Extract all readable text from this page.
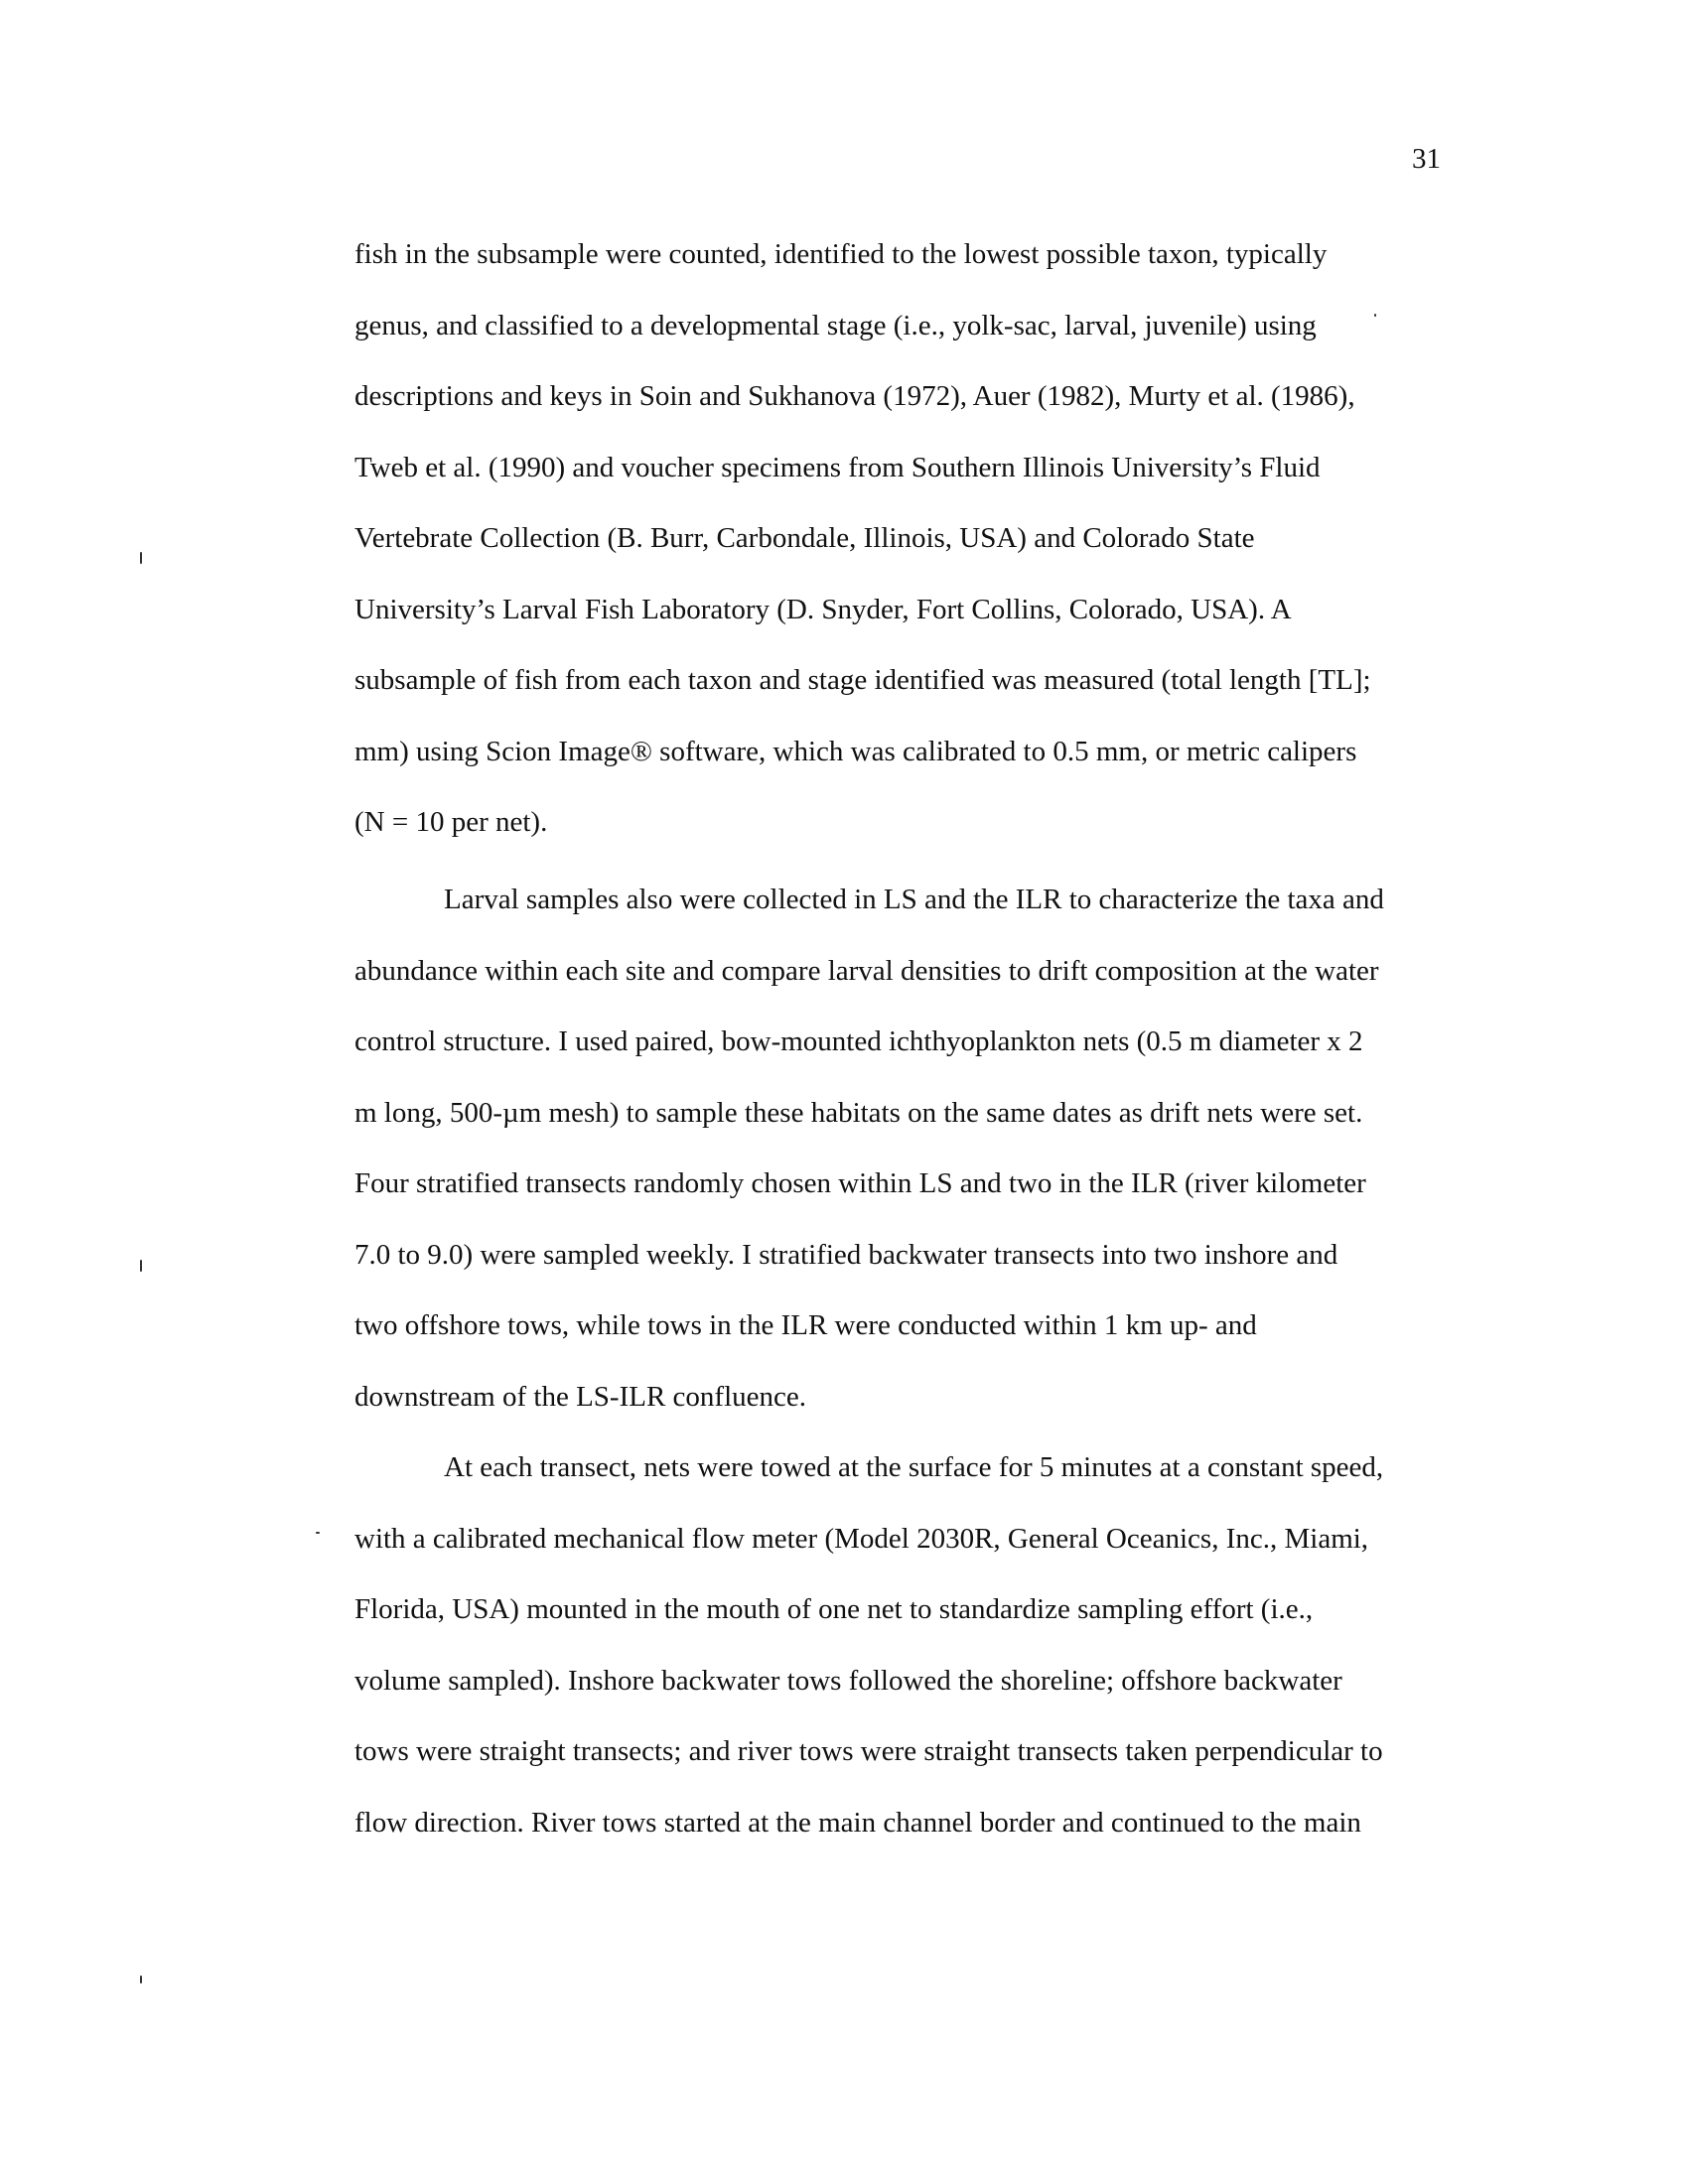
31

fish in the subsample were counted, identified to the lowest possible taxon, typically
genus, and classified to a developmental stage (i.e., yolk-sac, larval, juvenile) using
descriptions and keys in Soin and Sukhanova (1972), Auer (1982), Murty et al. (1986),
Tweb et al. (1990) and voucher specimens from Southern Illinois University’s Fluid
Vertebrate Collection (B. Burr, Carbondale, Illinois, USA) and Colorado State
University’s Larval Fish Laboratory (D. Snyder, Fort Collins, Colorado, USA). A
subsample of fish from each taxon and stage identified was measured (total length [TL];
mm) using Scion Image® software, which was calibrated to 0.5 mm, or metric calipers
(N = 10 per net).

Larval samples also were collected in LS and the ILR to characterize the taxa and
abundance within each site and compare larval densities to drift composition at the water
control structure. I used paired, bow-mounted ichthyoplankton nets (0.5 m diameter x 2
m long, 500-µm mesh) to sample these habitats on the same dates as drift nets were set.
Four stratified transects randomly chosen within LS and two in the ILR (river kilometer
7.0 to 9.0) were sampled weekly. I stratified backwater transects into two inshore and
two offshore tows, while tows in the ILR were conducted within 1 km up- and
downstream of the LS-ILR confluence.

At each transect, nets were towed at the surface for 5 minutes at a constant speed,
with a calibrated mechanical flow meter (Model 2030R, General Oceanics, Inc., Miami,
Florida, USA) mounted in the mouth of one net to standardize sampling effort (i.e.,
volume sampled). Inshore backwater tows followed the shoreline; offshore backwater
tows were straight transects; and river tows were straight transects taken perpendicular to
flow direction. River tows started at the main channel border and continued to the main
